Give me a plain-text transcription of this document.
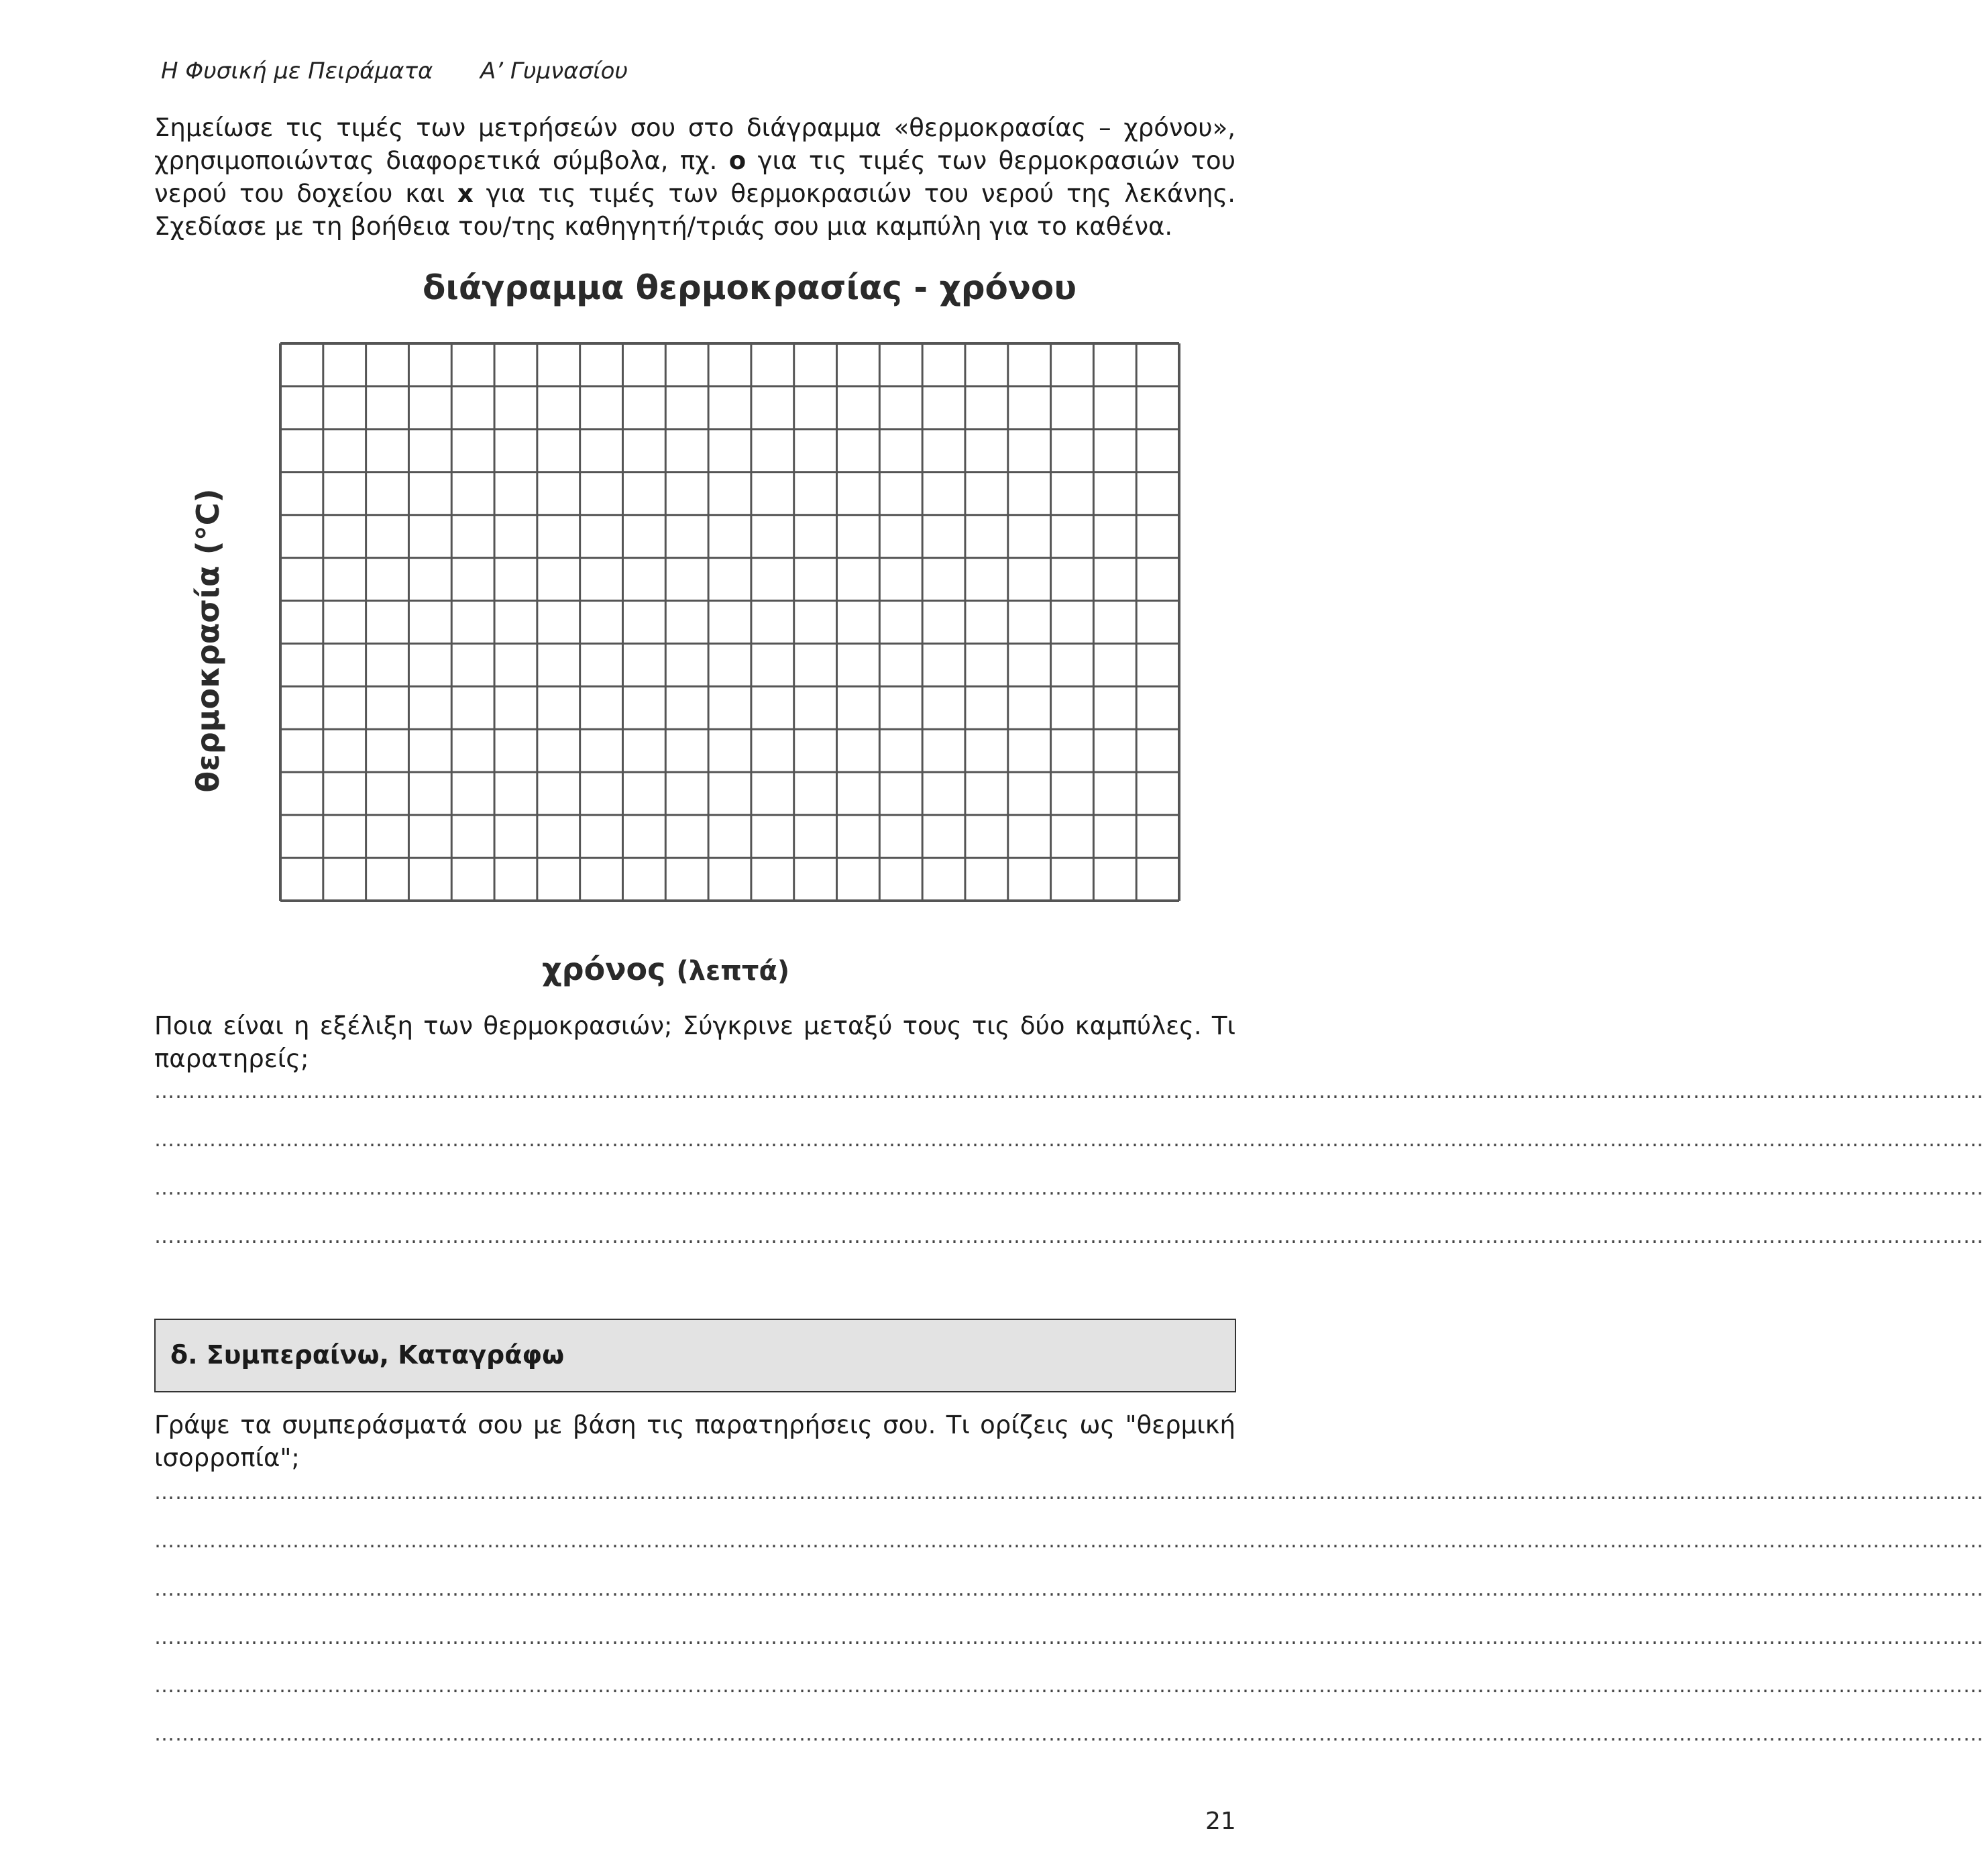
Η Φυσική με Πειράματα Α’ Γυμνασίου
Σημείωσε τις τιμές των μετρήσεών σου στο διάγραμμα «θερμοκρασίας – χρόνου», χρησιμοποιώντας διαφορετικά σύμβολα, πχ. o για τις τιμές των θερμοκρασιών του νερού του δοχείου και x για τις τιμές των θερμοκρασιών του νερού της λεκάνης. Σχεδίασε με τη βοήθεια του/της καθηγητή/τριάς σου μια καμπύλη για το καθένα.
διάγραμμα θερμοκρασίας - χρόνου
θερμοκρασία (°C)
χρόνος (λεπτά)
Ποια είναι η εξέλιξη των θερμοκρασιών; Σύγκρινε μεταξύ τους τις δύο καμπύλες. Τι παρατηρείς;
…………………………………………………………………………………………………………………………………………………………………………………………………………………………………………
…………………………………………………………………………………………………………………………………………………………………………………………………………………………………………
…………………………………………………………………………………………………………………………………………………………………………………………………………………………………………
…………………………………………………………………………………………………………………………………………………………………………………………………………………………………………
δ. Συμπεραίνω, Καταγράφω
Γράψε τα συμπεράσματά σου με βάση τις παρατηρήσεις σου. Τι ορίζεις ως "θερμική ισορροπία";
…………………………………………………………………………………………………………………………………………………………………………………………………………………………………………
…………………………………………………………………………………………………………………………………………………………………………………………………………………………………………
…………………………………………………………………………………………………………………………………………………………………………………………………………………………………………
…………………………………………………………………………………………………………………………………………………………………………………………………………………………………………
…………………………………………………………………………………………………………………………………………………………………………………………………………………………………………
…………………………………………………………………………………………………………………………………………………………………………………………………………………………………………
21
